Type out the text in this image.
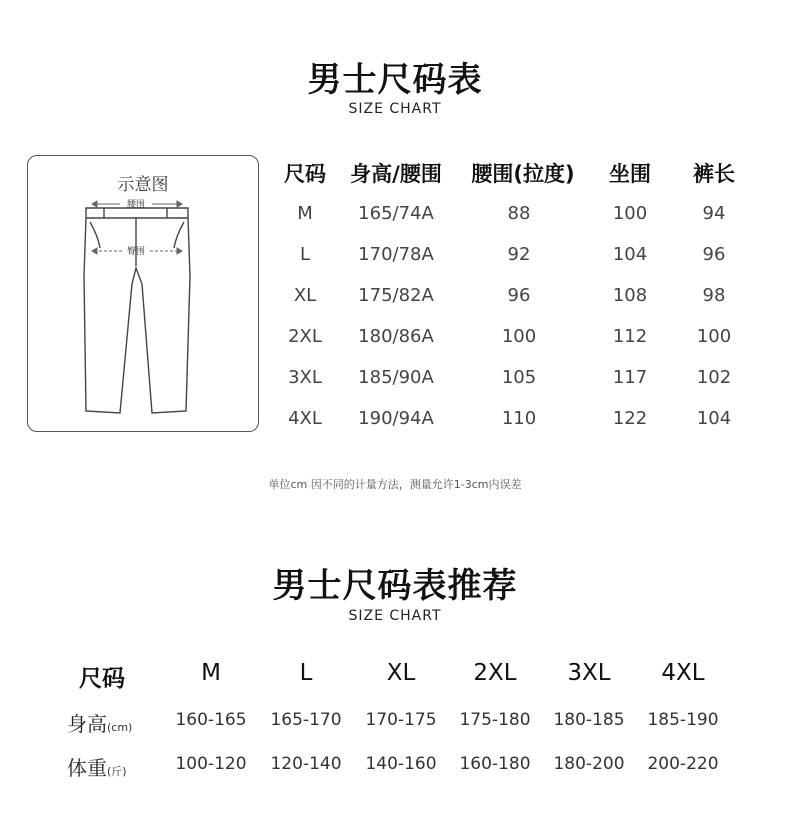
男士尺码表
SIZE CHART
示意图
腰围
臀围
尺码 身高/腰围 腰围(拉度) 坐围 裤长
M	165/74A	88	100	94
L	170/78A	92	104	96
XL 175/82A	96	108	98
2XL 180/86A	100	112	100
3XL 185/90A	105	117	102
4XL 190/94A	110	122	104
单位cm 因不同的计量方法，测量允许1-3cm内误差
男士尺码表推荐
SIZE CHART
尺码	M	L	XL	2XL 3XL 4XL
身高(cm)	160-165 165-170 170-175 175-180 180-185 185-190
体重(斤)	100-120 120-140 140-160 160-180 180-200 200-220
